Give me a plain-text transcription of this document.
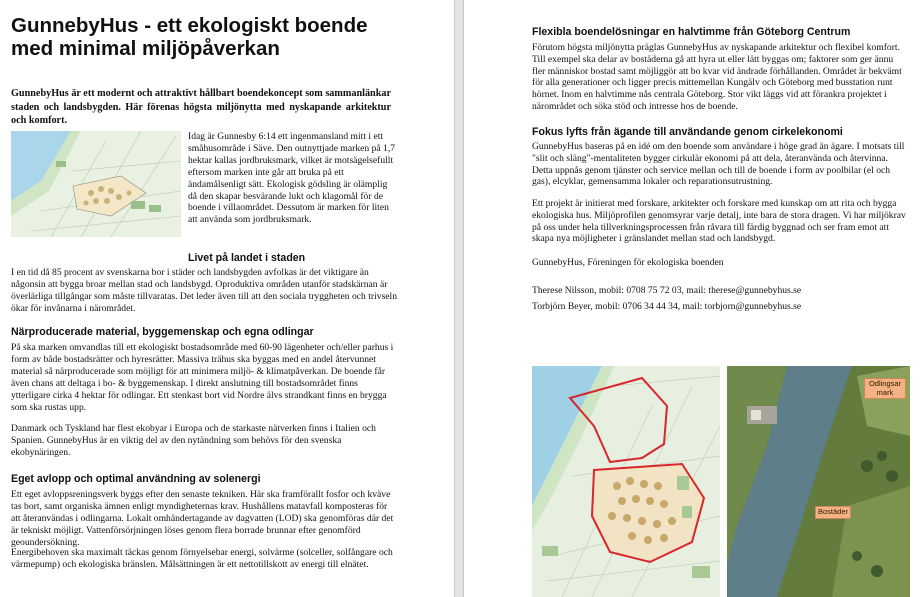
GunnebyHus - ett ekologiskt boende
med minimal miljöpåverkan
GunnebyHus är ett modernt och attraktivt hållbart boendekoncept som sammanlänkar staden och landsbygden. Här förenas högsta miljönytta med nyskapande arkitektur och komfort.
Idag är Gunnesby 6:14 ett ingenmansland mitt i ett småhusområde i Säve. Den outnyttjade marken på 1,7 hektar kallas jordbruksmark, vilket är motsägelsefullt eftersom marken inte går att bruka på ett ändamålsenligt sätt. Ekologisk gödsling är olämplig då den skapar besvärande lukt och klagomål för de boende i villaområdet. Dessutom är marken för liten att använda som jordbruksmark.
Livet på landet i staden
I en tid då 85 procent av svenskarna bor i städer och landsbygden avfolkas är det viktigare än någonsin att bygga broar mellan stad och landsbygd. Oproduktiva områden utanför stadskärnan är överlärliga tillgångar som måste tillvaratas. Det leder även till att den sociala tryggheten och trivseln ökar för invånarna i närområdet.
Närproducerade material, byggemenskap och egna odlingar
På ska marken omvandlas till ett ekologiskt bostadsområde med 60-90 lägenheter och/eller parhus i form av både bostadsrätter och hyresrätter. Massiva trähus ska byggas med en andel återvunnet material så närproducerade som möjligt för att minimera miljö- & klimatpåverkan. De boende får även chans att deltaga i bo- & byggemenskap. I direkt anslutning till bostadsområdet finns ytterligare cirka 4 hektar för odlingar. Ett stenkast bort vid Nordre älvs strandkant finns en brygga som ska rustas upp.
Danmark och Tyskland har flest ekobyar i Europa och de starkaste nätverken finns i Italien och Spanien. GunnebyHus är en viktig del av den nytändning som behövs för den svenska ekobynäringen.
Eget avlopp och optimal användning av solenergi
Ett eget avloppsreningsverk byggs efter den senaste tekniken. Här ska framförallt fosfor och kväve tas bort, samt organiska ämnen enligt myndigheternas krav. Hushållens matavfall komposteras för att återanvändas i odlingarna. Lokalt omhändertagande av dagvatten (LOD) ska genomföras där det är tekniskt möjligt. Vattenförsörjningen löses genom flera borrade brunnar efter genomförd geoundersökning.
Energibehoven ska maximalt täckas genom förnyelsebar energi, solvärme (solceller, solfångare och värmepump) och ekologiska bränslen. Målsättningen är ett nettotillskott av energi till elnätet.
Flexibla boendelösningar en halvtimme från Göteborg Centrum
Förutom högsta miljönytta präglas GunnebyHus av nyskapande arkitektur och flexibel komfort. Till exempel ska delar av bostäderna gå att hyra ut eller lätt byggas om; faktorer som ger ännu fler människor bostad samt möjliggör att bo kvar vid ändrade förhållanden. Området är bekvämt för alla generationer och ligger precis mittemellan Kungälv och Göteborg med busstation runt hörnet. Inom en halvtimme nås centrala Göteborg. Stor vikt läggs vid att förankra projektet i närområdet och söka stöd och intresse hos de boende.
Fokus lyfts från ägande till användande genom cirkelekonomi
GunnebyHus baseras på en idé om den boende som användare i höge grad än ägare. I motsats till "slit och släng"-mentaliteten bygger cirkulär ekonomi på att dela, återanvända och återvinna. Detta uppnås genom tjänster och service mellan och till de boende i form av poolbilar (el och gas), elcyklar, gemensamma lokaler och reparationsutrustning.
Ett projekt är initierat med forskare, arkitekter och forskare med kunskap om att rita och bygga ekologiska hus. Miljöprofilen genomsyrar varje detalj, inte bara de stora dragen. Vi har miljökrav på oss under hela tillverkningsprocessen från råvara till färdig byggnad och ser fram emot att skapa nya möjligheter i gränslandet mellan stad och landsbygd.
GunnebyHus, Föreningen för ekologiska boenden
Therese Nilsson, mobil: 0708 75 72 03, mail: therese@gunnebyhus.se
Torbjörn Beyer, mobil: 0706 34 44 34, mail: torbjorn@gunnebyhus.se
Odlingsar
mark
Bostäder
